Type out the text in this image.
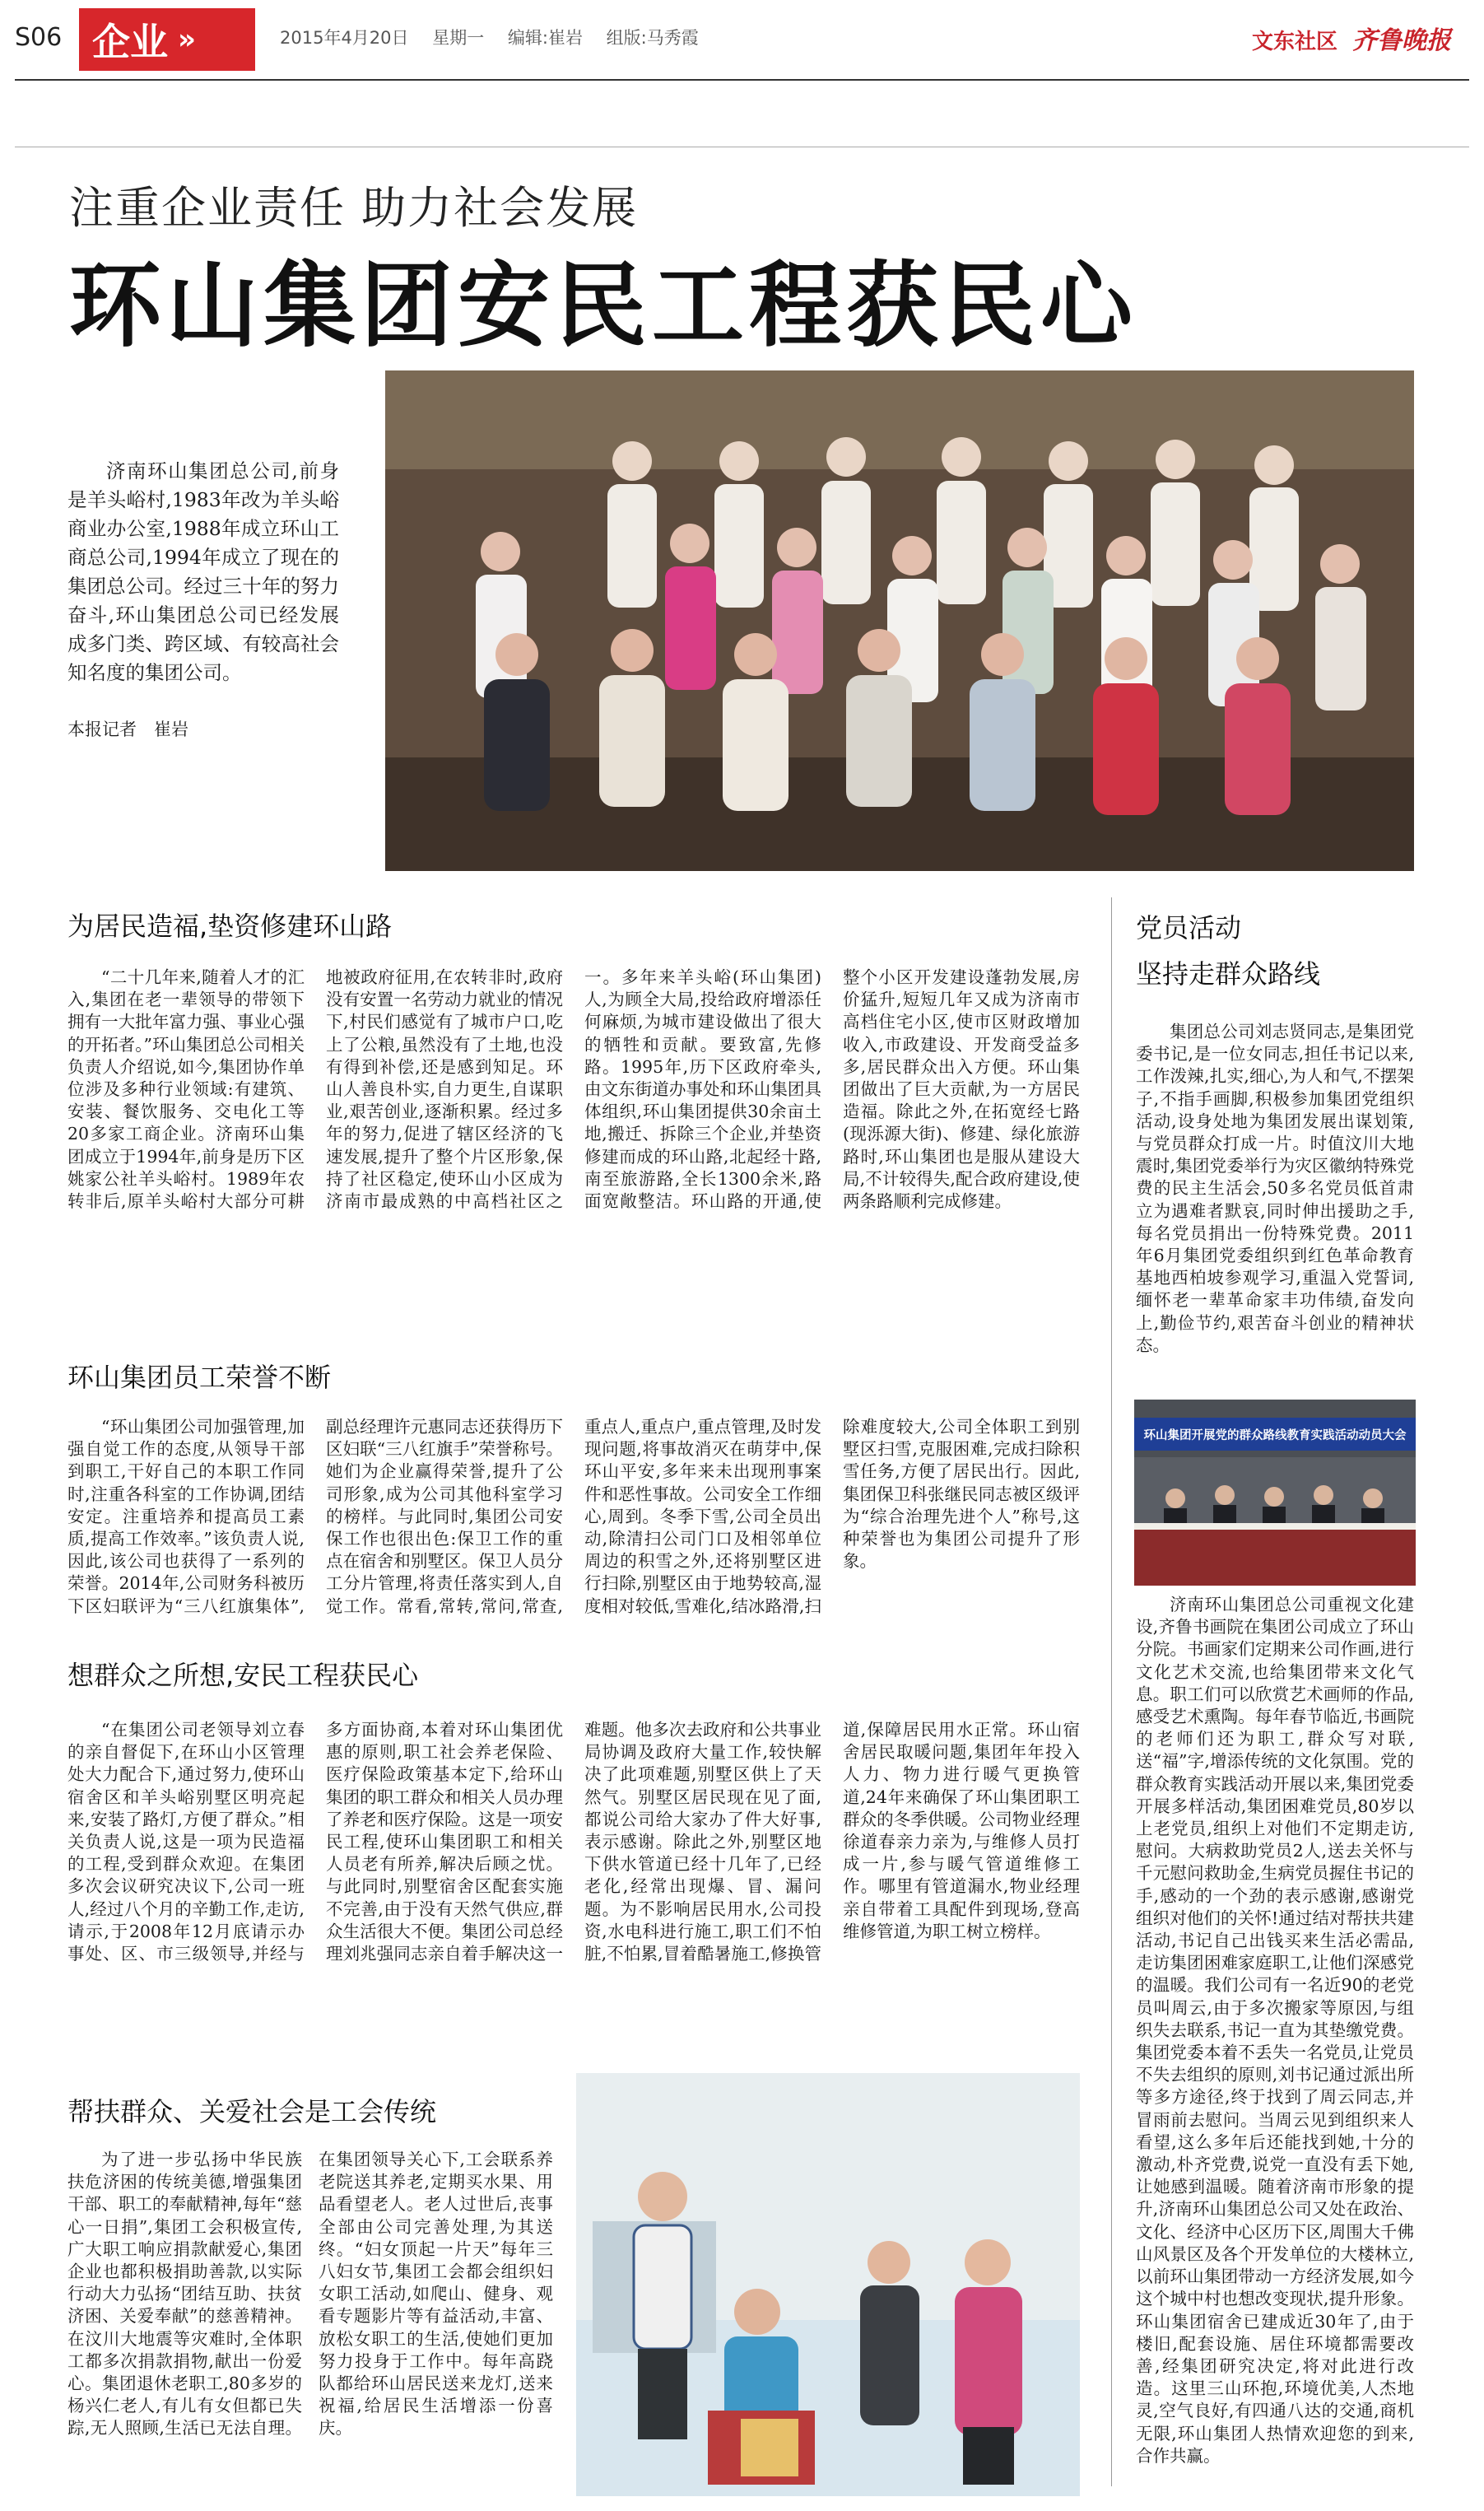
S06 企业 »	2015年4月20日 星期一 编辑:崔岩 组版:马秀霞	文东社区 齐鲁晚报
注重企业责任 助力社会发展
环山集团安民工程获民心

济南环山集团总公司,前身是羊头峪村,1983年改为羊头峪商业办公室,1988年成立环山工商总公司,1994年成立了现在的集团总公司。经过三十年的努力奋斗,环山集团总公司已经发展成多门类、跨区域、有较高社会知名度的集团公司。

本报记者　崔岩
为居民造福,垫资修建环山路

“二十几年来,随着人才的汇入,集团在老一辈领导的带领下拥有一大批年富力强、事业心强的开拓者。”环山集团总公司相关负责人介绍说,如今,集团协作单位涉及多种行业领域:有建筑、安装、餐饮服务、交电化工等20多家工商企业。济南环山集团成立于1994年,前身是历下区姚家公社羊头峪村。1989年农转非后,原羊头峪村大部分可耕地被政府征用,在农转非时,政府没有安置一名劳动力就业的情况下,村民们感觉有了城市户口,吃上了公粮,虽然没有了土地,也没有得到补偿,还是感到知足。环山人善良朴实,自力更生,自谋职业,艰苦创业,逐渐积累。经过多年的努力,促进了辖区经济的飞速发展,提升了整个片区形象,保持了社区稳定,使环山小区成为济南市最成熟的中高档社区之一。多年来羊头峪(环山集团)人,为顾全大局,投给政府增添任何麻烦,为城市建设做出了很大的牺牲和贡献。要致富,先修路。1995年,历下区政府牵头,由文东街道办事处和环山集团具体组织,环山集团提供30余亩土地,搬迁、拆除三个企业,并垫资修建而成的环山路,北起经十路,南至旅游路,全长1300余米,路面宽敞整洁。环山路的开通,使整个小区开发建设蓬勃发展,房价猛升,短短几年又成为济南市高档住宅小区,使市区财政增加收入,市政建设、开发商受益多多,居民群众出入方便。环山集团做出了巨大贡献,为一方居民造福。除此之外,在拓宽经七路(现泺源大街)、修建、绿化旅游路时,环山集团也是服从建设大局,不计较得失,配合政府建设,使两条路顺利完成修建。

环山集团员工荣誉不断

“环山集团公司加强管理,加强自觉工作的态度,从领导干部到职工,干好自己的本职工作同时,注重各科室的工作协调,团结安定。注重培养和提高员工素质,提高工作效率。”该负责人说,因此,该公司也获得了一系列的荣誉。2014年,公司财务科被历下区妇联评为“三八红旗集体”,副总经理许元惠同志还获得历下区妇联“三八红旗手”荣誉称号。她们为企业赢得荣誉,提升了公司形象,成为公司其他科室学习的榜样。与此同时,集团公司安保工作也很出色:保卫工作的重点在宿舍和别墅区。保卫人员分工分片管理,将责任落实到人,自觉工作。常看,常转,常问,常查,重点人,重点户,重点管理,及时发现问题,将事故消灭在萌芽中,保环山平安,多年来未出现刑事案件和恶性事故。公司安全工作细心,周到。冬季下雪,公司全员出动,除清扫公司门口及相邻单位周边的积雪之外,还将别墅区进行扫除,别墅区由于地势较高,湿度相对较低,雪难化,结冰路滑,扫除难度较大,公司全体职工到别墅区扫雪,克服困难,完成扫除积雪任务,方便了居民出行。因此,集团保卫科张继民同志被区级评为“综合治理先进个人”称号,这种荣誉也为集团公司提升了形象。

想群众之所想,安民工程获民心

“在集团公司老领导刘立春的亲自督促下,在环山小区管理处大力配合下,通过努力,使环山宿舍区和羊头峪别墅区明亮起来,安装了路灯,方便了群众。”相关负责人说,这是一项为民造福的工程,受到群众欢迎。在集团多次会议研究决议下,公司一班人,经过八个月的辛勤工作,走访,请示,于2008年12月底请示办事处、区、市三级领导,并经与多方面协商,本着对环山集团优惠的原则,职工社会养老保险、医疗保险政策基本定下,给环山集团的职工群众和相关人员办理了养老和医疗保险。这是一项安民工程,使环山集团职工和相关人员老有所养,解决后顾之忧。与此同时,别墅宿舍区配套实施不完善,由于没有天然气供应,群众生活很大不便。集团公司总经理刘兆强同志亲自着手解决这一难题。他多次去政府和公共事业局协调及政府大量工作,较快解决了此项难题,别墅区供上了天然气。别墅区居民现在见了面,都说公司给大家办了件大好事,表示感谢。除此之外,别墅区地下供水管道已经十几年了,已经老化,经常出现爆、冒、漏问题。为不影响居民用水,公司投资,水电科进行施工,职工们不怕脏,不怕累,冒着酷暑施工,修换管道,保障居民用水正常。环山宿舍居民取暖问题,集团年年投入人力、物力进行暖气更换管道,24年来确保了环山集团职工群众的冬季供暖。公司物业经理徐道春亲力亲为,与维修人员打成一片,参与暖气管道维修工作。哪里有管道漏水,物业经理亲自带着工具配件到现场,登高维修管道,为职工树立榜样。

帮扶群众、关爱社会是工会传统

为了进一步弘扬中华民族扶危济困的传统美德,增强集团干部、职工的奉献精神,每年“慈心一日捐”,集团工会积极宣传,广大职工响应捐款献爱心,集团企业也都积极捐助善款,以实际行动大力弘扬“团结互助、扶贫济困、关爱奉献”的慈善精神。在汶川大地震等灾难时,全体职工都多次捐款捐物,献出一份爱心。集团退休老职工,80多岁的杨兴仁老人,有儿有女但都已失踪,无人照顾,生活已无法自理。在集团领导关心下,工会联系养老院送其养老,定期买水果、用品看望老人。老人过世后,丧事全部由公司完善处理,为其送终。“妇女顶起一片天”每年三八妇女节,集团工会都会组织妇女职工活动,如爬山、健身、观看专题影片等有益活动,丰富、放松女职工的生活,使她们更加努力投身于工作中。每年高跷队都给环山居民送来龙灯,送来祝福,给居民生活增添一份喜庆。

党员活动
坚持走群众路线

集团总公司刘志贤同志,是集团党委书记,是一位女同志,担任书记以来,工作泼辣,扎实,细心,为人和气,不摆架子,不指手画脚,积极参加集团党组织活动,设身处地为集团发展出谋划策,与党员群众打成一片。时值汶川大地震时,集团党委举行为灾区徽纳特殊党费的民主生活会,50多名党员低首肃立为遇难者默哀,同时伸出援助之手,每名党员捐出一份特殊党费。2011年6月集团党委组织到红色革命教育基地西柏坡参观学习,重温入党誓词,缅怀老一辈革命家丰功伟绩,奋发向上,勤俭节约,艰苦奋斗创业的精神状态。

环山集团开展党的群众路线教育实践活动动员大会

济南环山集团总公司重视文化建设,齐鲁书画院在集团公司成立了环山分院。书画家们定期来公司作画,进行文化艺术交流,也给集团带来文化气息。职工们可以欣赏艺术画师的作品,感受艺术熏陶。每年春节临近,书画院的老师们还为职工,群众写对联,送“福”字,增添传统的文化氛围。党的群众教育实践活动开展以来,集团党委开展多样活动,集团困难党员,80岁以上老党员,组织上对他们不定期走访,慰问。大病救助党员2人,送去关怀与千元慰问救助金,生病党员握住书记的手,感动的一个劲的表示感谢,感谢党组织对他们的关怀!通过结对帮扶共建活动,书记自己出钱买来生活必需品,走访集团困难家庭职工,让他们深感党的温暖。我们公司有一名近90的老党员叫周云,由于多次搬家等原因,与组织失去联系,书记一直为其垫缴党费。集团党委本着不丢失一名党员,让党员不失去组织的原则,刘书记通过派出所等多方途径,终于找到了周云同志,并冒雨前去慰问。当周云见到组织来人看望,这么多年后还能找到她,十分的激动,朴齐党费,说党一直没有丢下她,让她感到温暖。随着济南市形象的提升,济南环山集团总公司又处在政治、文化、经济中心区历下区,周围大千佛山风景区及各个开发单位的大楼林立,以前环山集团带动一方经济发展,如今这个城中村也想改变现状,提升形象。环山集团宿舍已建成近30年了,由于楼旧,配套设施、居住环境都需要改善,经集团研究决定,将对此进行改造。这里三山环抱,环境优美,人杰地灵,空气良好,有四通八达的交通,商机无限,环山集团人热情欢迎您的到来,合作共赢。
